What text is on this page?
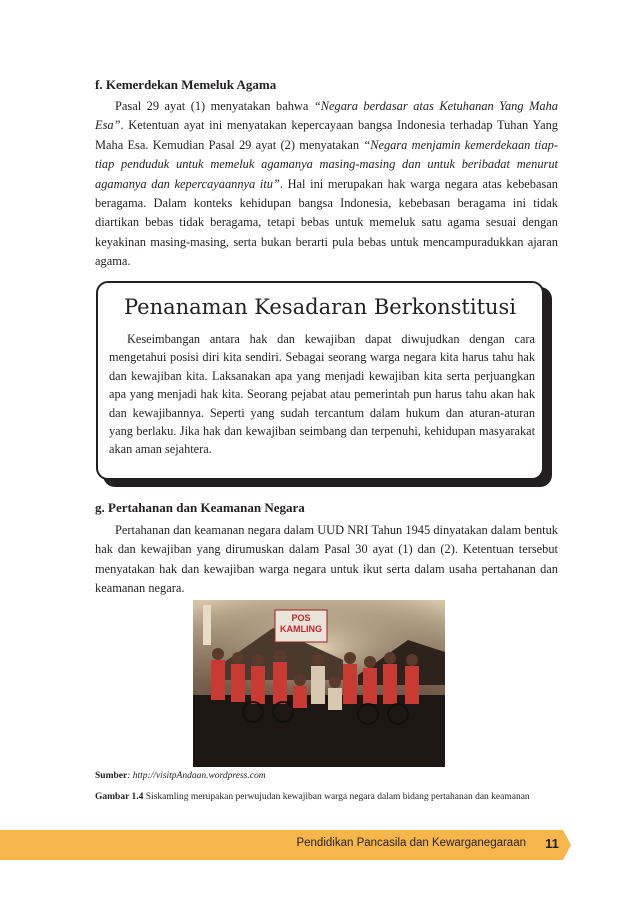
f. Kemerdekan Memeluk Agama

Pasal 29 ayat (1) menyatakan bahwa “Negara berdasar atas Ketuhanan Yang Maha Esa”. Ketentuan ayat ini menyatakan kepercayaan bangsa Indonesia terhadap Tuhan Yang Maha Esa. Kemudian Pasal 29 ayat (2) menyatakan “Negara menjamin kemerdekaan tiap-tiap penduduk untuk memeluk agamanya masing-masing dan untuk beribadat menurut agamanya dan kepercayaannya itu”. Hal ini merupakan hak warga negara atas kebebasan beragama. Dalam konteks kehidupan bangsa Indonesia, kebebasan beragama ini tidak diartikan bebas tidak beragama, tetapi bebas untuk memeluk satu agama sesuai dengan keyakinan masing-masing, serta bukan berarti pula bebas untuk mencampuradukkan ajaran agama.

Penanaman Kesadaran Berkonstitusi

Keseimbangan antara hak dan kewajiban dapat diwujudkan dengan cara mengetahui posisi diri kita sendiri. Sebagai seorang warga negara kita harus tahu hak dan kewajiban kita. Laksanakan apa yang menjadi kewajiban kita serta perjuangkan apa yang menjadi hak kita. Seorang pejabat atau pemerintah pun harus tahu akan hak dan kewajibannya. Seperti yang sudah tercantum dalam hukum dan aturan-aturan yang berlaku. Jika hak dan kewajiban seimbang dan terpenuhi, kehidupan masyarakat akan aman sejahtera.

g. Pertahanan dan Keamanan Negara

Pertahanan dan keamanan negara dalam UUD NRI Tahun 1945 dinyatakan dalam bentuk hak dan kewajiban yang dirumuskan dalam Pasal 30 ayat (1) dan (2). Ketentuan tersebut menyatakan hak dan kewajiban warga negara untuk ikut serta dalam usaha pertahanan dan keamanan negara.

POS
KAMLING
Sumber: http://visitpAndaan.wordpress.com
Gambar 1.4 Siskamling merupakan perwujudan kewajiban warga negara dalam bidang pertahanan dan keamanan
Pendidikan Pancasila dan Kewarganegaraan	11
